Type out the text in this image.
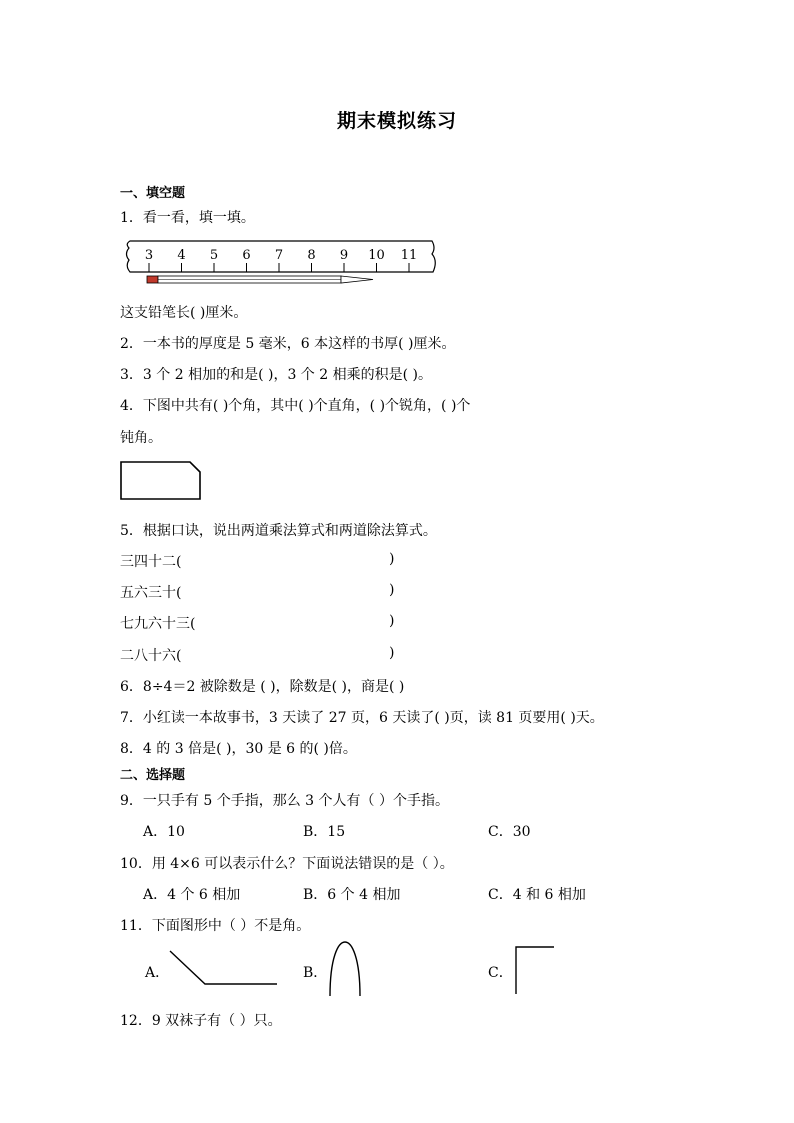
期末模拟练习
一、填空题
1．看一看，填一填。
3 4 5 6 7 8 9 10 11
这支铅笔长( )厘米。
2．一本书的厚度是 5 毫米，6 本这样的书厚( )厘米。
3．3 个 2 相加的和是( )，3 个 2 相乘的积是( )。
4．下图中共有( )个角，其中( )个直角，( )个锐角，( )个
钝角。
5．根据口诀，说出两道乘法算式和两道除法算式。
三四十二(	)
五六三十(	)
七九六十三(	)
二八十六(	)
6．8÷4＝2 被除数是 ( )，除数是( )，商是( )
7．小红读一本故事书，3 天读了 27 页，6 天读了( )页，读 81 页要用( )天。
8．4 的 3 倍是( )，30 是 6 的( )倍。
二、选择题
9．一只手有 5 个手指，那么 3 个人有（ ）个手指。
A．10	B．15	C．30
10．用 4×6 可以表示什么？下面说法错误的是（ ）。
A．4 个 6 相加	B．6 个 4 相加	C．4 和 6 相加
11．下面图形中（ ）不是角。
A．	B．	C．
12．9 双袜子有（ ）只。
